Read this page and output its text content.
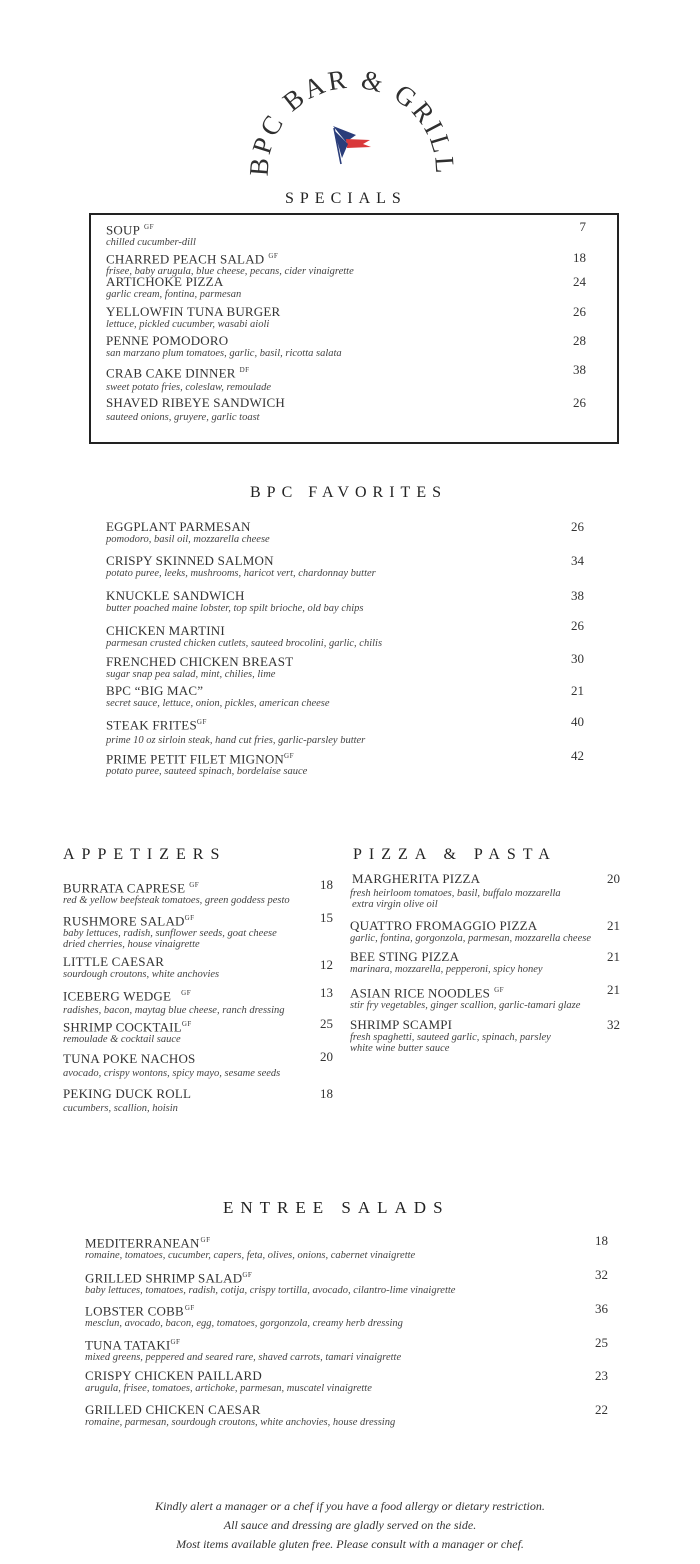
BPC BAR & GRILL
SPECIALS
SOUP $^{GF}$
chilled cucumber-dill
7
CHARRED PEACH SALAD $^{GF}$
frisee, baby arugula, blue cheese, pecans, cider vinaigrette
18
ARTICHOKE PIZZA
garlic cream, fontina, parmesan
24
YELLOWFIN TUNA BURGER
lettuce, pickled cucumber, wasabi aioli
26
PENNE POMODORO
san marzano plum tomatoes, garlic, basil, ricotta salata
28
CRAB CAKE DINNER $^{DF}$
sweet potato fries, coleslaw, remoulade
38
SHAVED RIBEYE SANDWICH
sauteed onions, gruyere, garlic toast
26
BPC FAVORITES
EGGPLANT PARMESAN
pomodoro, basil oil, mozzarella cheese
26
CRISPY SKINNED SALMON
potato puree, leeks, mushrooms, haricot vert, chardonnay butter
34
KNUCKLE SANDWICH
butter poached maine lobster, top spilt brioche, old bay chips
38
CHICKEN MARTINI
parmesan crusted chicken cutlets, sauteed brocolini, garlic, chilis
26
FRENCHED CHICKEN BREAST
sugar snap pea salad, mint, chilies, lime
30
BPC “BIG MAC”
secret sauce, lettuce, onion, pickles, american cheese
21
STEAK $FRITES^{GF}$
prime 10 oz sirloin steak, hand cut fries, garlic-parsley butter
40
PRIME PETIT FILET $MIGNON^{GF}$
potato puree, sauteed spinach, bordelaise sauce
42
APPETIZERS
BURRATA CAPRESE $^{GF}$
red & yellow beefsteak tomatoes, green goddess pesto
18
RUSHMORE $SALAD^{GF}$
baby lettuces, radish, sunflower seeds, goat cheese
dried cherries, house vinaigrette
15
LITTLE CAESAR
sourdough croutons, white anchovies
12
ICEBERG WEDGE $^{GF}$
radishes, bacon, maytag blue cheese, ranch dressing
13
SHRIMP $COCKTAIL^{GF}$
remoulade & cocktail sauce
25
TUNA POKE NACHOS
avocado, crispy wontons, spicy mayo, sesame seeds
20
PEKING DUCK ROLL
cucumbers, scallion, hoisin
18
PIZZA & PASTA
MARGHERITA PIZZA
fresh heirloom tomatoes, basil, buffalo mozzarella
extra virgin olive oil
20
QUATTRO FROMAGGIO PIZZA
garlic, fontina, gorgonzola, parmesan, mozzarella cheese
21
BEE STING PIZZA
marinara, mozzarella, pepperoni, spicy honey
21
ASIAN RICE NOODLES $^{GF}$
stir fry vegetables, ginger scallion, garlic-tamari glaze
21
SHRIMP SCAMPI
fresh spaghetti, sauteed garlic, spinach, parsley
white wine butter sauce
32
ENTREE SALADS
$MEDITERRANEAN^{GF}$
romaine, tomatoes, cucumber, capers, feta, olives, onions, cabernet vinaigrette
18
GRILLED SHRIMP $SALAD^{GF}$
baby lettuces, tomatoes, radish, cotija, crispy tortilla, avocado, cilantro-lime vinaigrette
32
LOBSTER $COBB^{GF}$
mesclun, avocado, bacon, egg, tomatoes, gorgonzola, creamy herb dressing
36
TUNA $TATAKI^{GF}$
mixed greens, peppered and seared rare, shaved carrots, tamari vinaigrette
25
CRISPY CHICKEN PAILLARD
arugula, frisee, tomatoes, artichoke, parmesan, muscatel vinaigrette
23
GRILLED CHICKEN CAESAR
romaine, parmesan, sourdough croutons, white anchovies, house dressing
22
Kindly alert a manager or a chef if you have a food allergy or dietary restriction.
All sauce and dressing are gladly served on the side.
Most items available gluten free. Please consult with a manager or chef.
